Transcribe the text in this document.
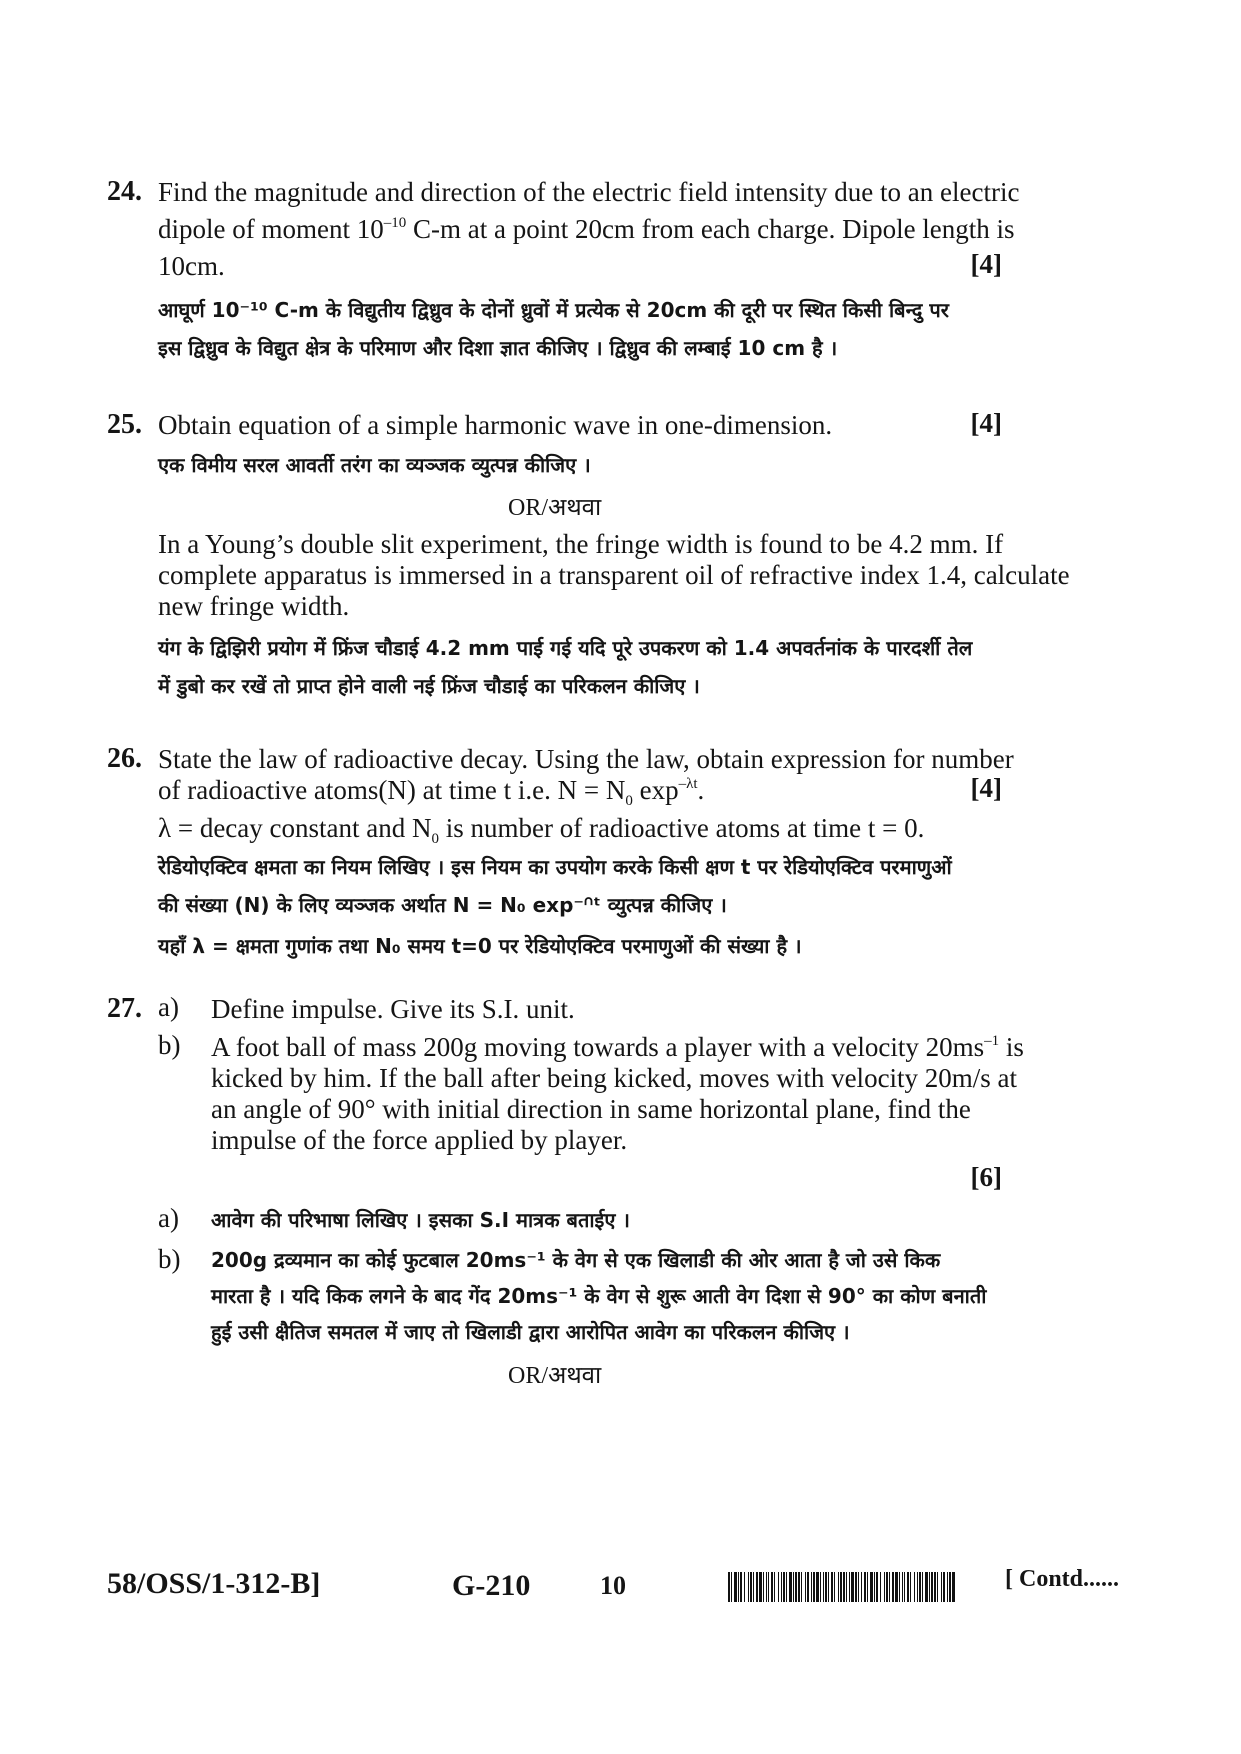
24. Find the magnitude and direction of the electric field intensity due to an electric
dipole of moment $10^{-10}$ C-m at a point 20cm from each charge. Dipole length is
10cm.	[4]
आघूर्ण 10⁻¹⁰ C-m के विद्युतीय द्विध्रुव के दोनों ध्रुवों में प्रत्येक से 20cm की दूरी पर स्थित किसी बिन्दु पर
इस द्विध्रुव के विद्युत क्षेत्र के परिमाण और दिशा ज्ञात कीजिए । द्विध्रुव की लम्बाई 10 cm है ।
25. Obtain equation of a simple harmonic wave in one-dimension.	[4]
एक विमीय सरल आवर्ती तरंग का व्यञ्जक व्युत्पन्न कीजिए ।
OR/अथवा
In a Young’s double slit experiment, the fringe width is found to be 4.2 mm. If
complete apparatus is immersed in a transparent oil of refractive index 1.4, calculate
new fringe width.
यंग के द्विझिरी प्रयोग में फ्रिंज चौडाई 4.2 mm पाई गई यदि पूरे उपकरण को 1.4 अपवर्तनांक के पारदर्शी तेल
में डुबो कर रखें तो प्राप्त होने वाली नई फ्रिंज चौडाई का परिकलन कीजिए ।
26. State the law of radioactive decay. Using the law, obtain expression for number
of radioactive atoms(N) at time t i.e. $N = N_0$ $\exp^{-\lambda t}$.	[4]
λ = decay constant and $N_0$ is number of radioactive atoms at time t = 0.
रेडियोएक्टिव क्षमता का नियम लिखिए । इस नियम का उपयोग करके किसी क्षण t पर रेडियोएक्टिव परमाणुओं
की संख्या (N) के लिए व्यञ्जक अर्थात N = N₀ exp⁻ᣕᵗ व्युत्पन्न कीजिए ।
यहाँ λ = क्षमता गुणांक तथा N₀ समय t=0 पर रेडियोएक्टिव परमाणुओं की संख्या है ।
27. a) Define impulse. Give its S.I. unit.
b) A foot ball of mass 200g moving towards a player with a velocity $20ms^{-1}$ is
kicked by him. If the ball after being kicked, moves with velocity 20m/s at
an angle of 90° with initial direction in same horizontal plane, find the
impulse of the force applied by player.
[6]
a) आवेग की परिभाषा लिखिए । इसका S.I मात्रक बताईए ।
b) 200g द्रव्यमान का कोई फुटबाल 20ms⁻¹ के वेग से एक खिलाडी की ओर आता है जो उसे किक
मारता है । यदि किक लगने के बाद गेंद 20ms⁻¹ के वेग से शुरू आती वेग दिशा से 90° का कोण बनाती
हुई उसी क्षैतिज समतल में जाए तो खिलाडी द्वारा आरोपित आवेग का परिकलन कीजिए ।
OR/अथवा
58/OSS/1-312-B]	G-210	10	[ Contd......
